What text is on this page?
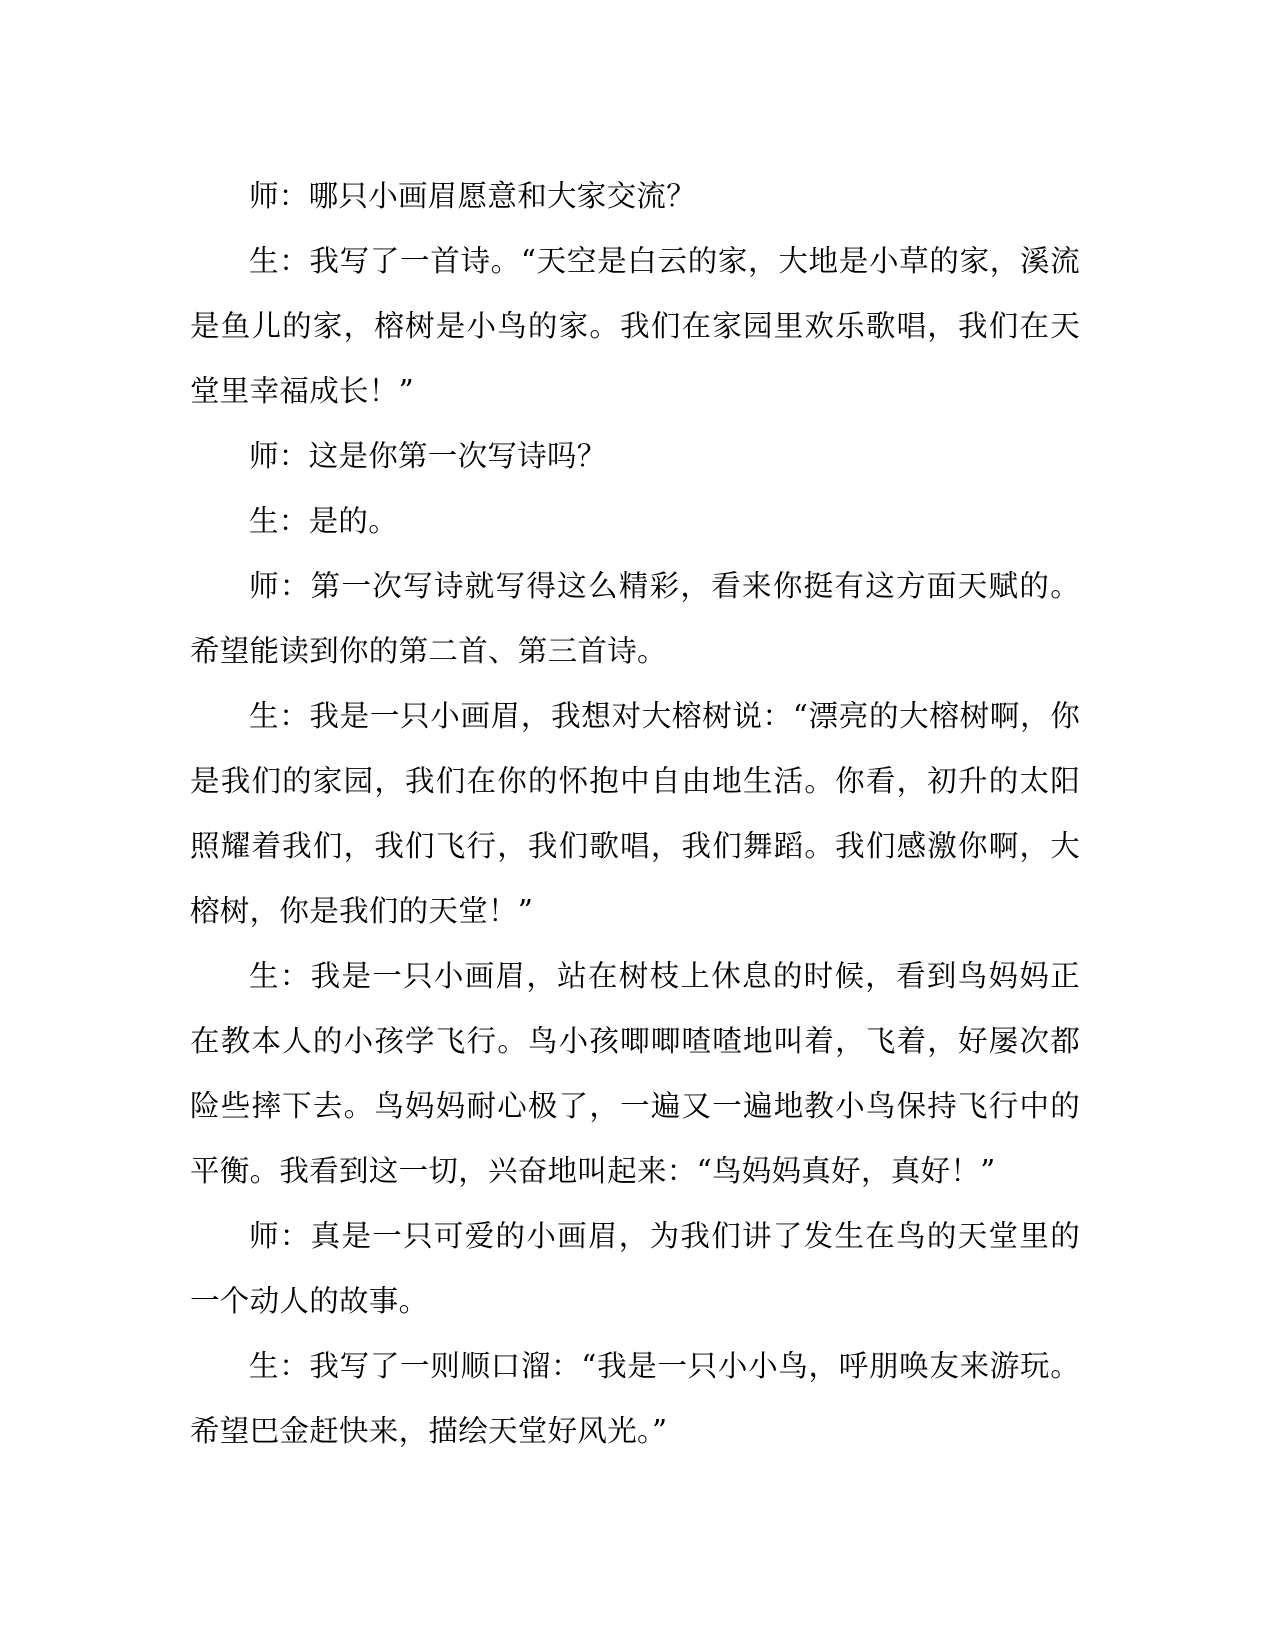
师：哪只小画眉愿意和大家交流？

生：我写了一首诗。“天空是白云的家，大地是小草的家，溪流是鱼儿的家，榕树是小鸟的家。我们在家园里欢乐歌唱，我们在天堂里幸福成长！”

师：这是你第一次写诗吗？

生：是的。

师：第一次写诗就写得这么精彩，看来你挺有这方面天赋的。希望能读到你的第二首、第三首诗。

生：我是一只小画眉，我想对大榕树说：“漂亮的大榕树啊，你是我们的家园，我们在你的怀抱中自由地生活。你看，初升的太阳照耀着我们，我们飞行，我们歌唱，我们舞蹈。我们感激你啊，大榕树，你是我们的天堂！”

生：我是一只小画眉，站在树枝上休息的时候，看到鸟妈妈正在教本人的小孩学飞行。鸟小孩唧唧喳喳地叫着，飞着，好屡次都险些摔下去。鸟妈妈耐心极了，一遍又一遍地教小鸟保持飞行中的平衡。我看到这一切，兴奋地叫起来：“鸟妈妈真好，真好！”

师：真是一只可爱的小画眉，为我们讲了发生在鸟的天堂里的一个动人的故事。

生：我写了一则顺口溜：“我是一只小小鸟，呼朋唤友来游玩。希望巴金赶快来，描绘天堂好风光。”
